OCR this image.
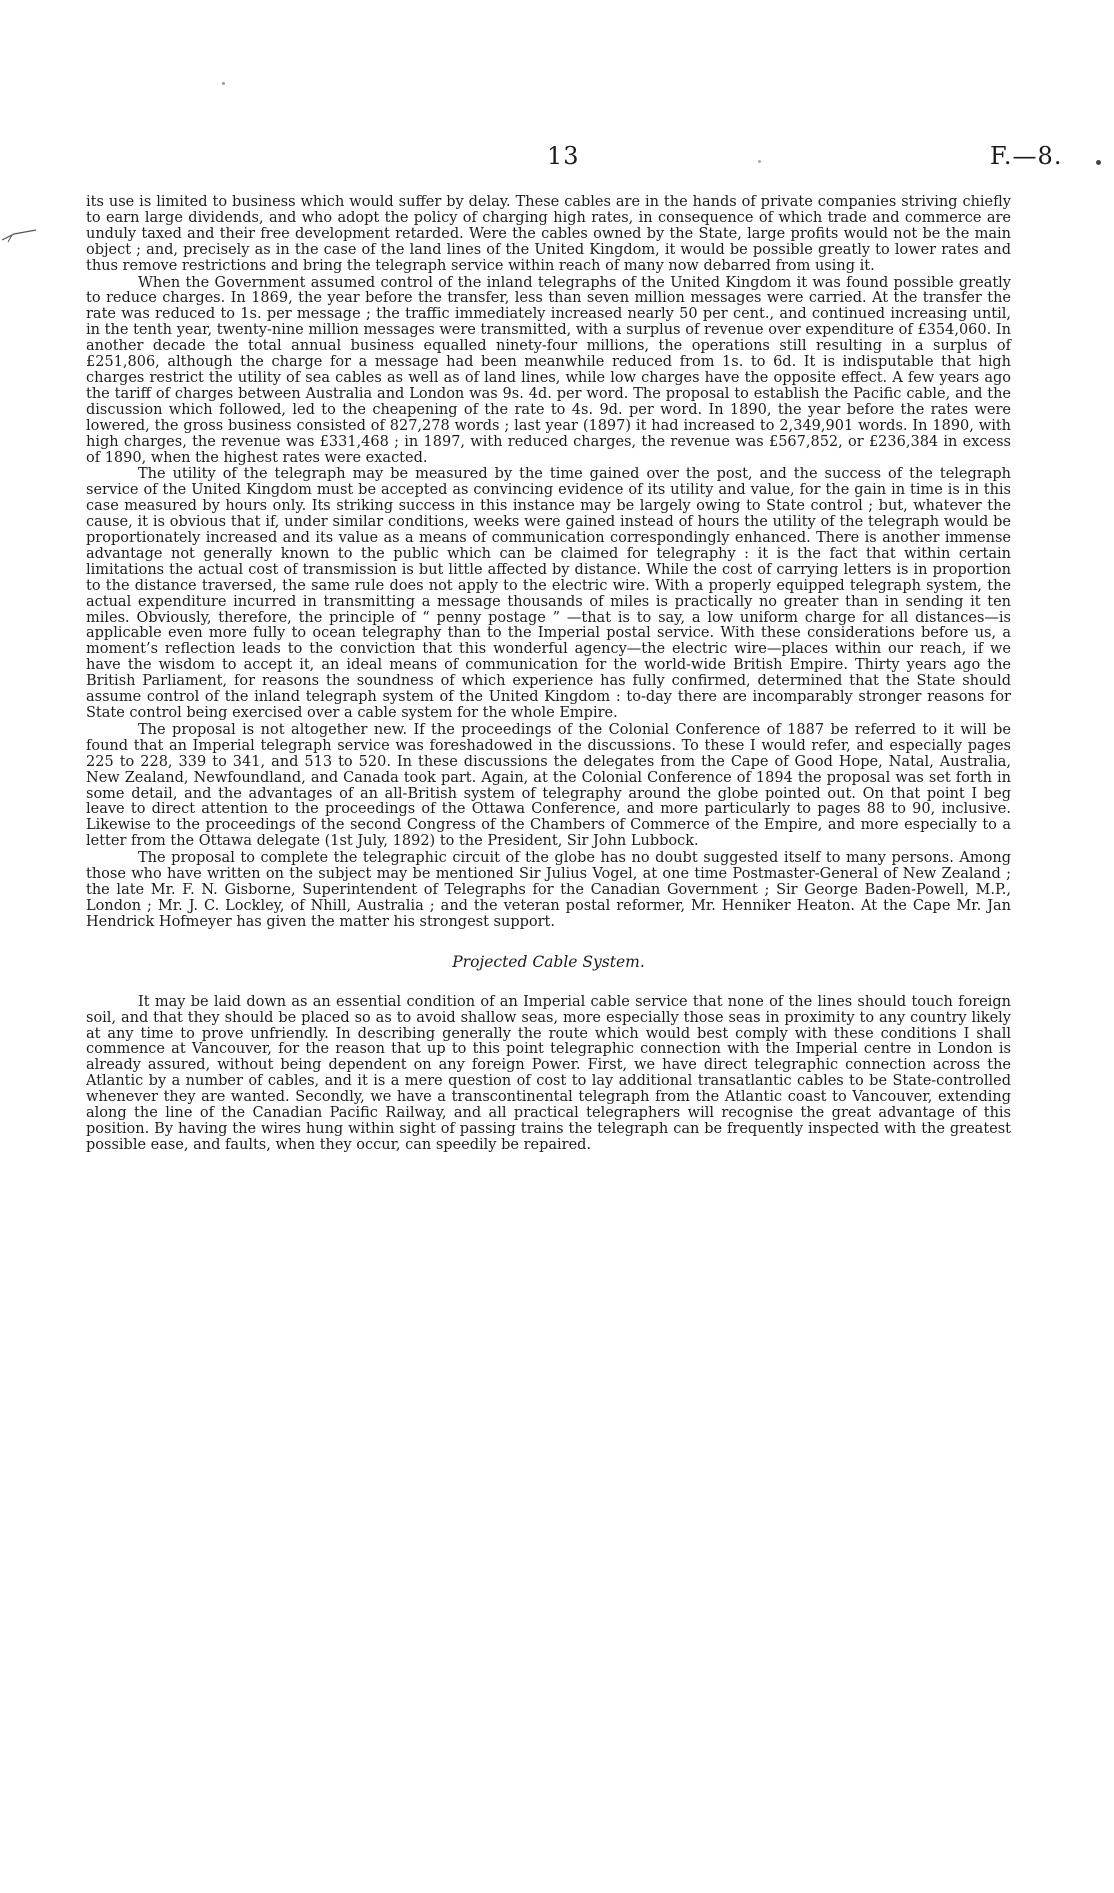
13	F.—8.

its use is limited to business which would suffer by delay. These cables are in the hands of private companies striving chiefly to earn large dividends, and who adopt the policy of charging high rates, in consequence of which trade and commerce are unduly taxed and their free development retarded. Were the cables owned by the State, large profits would not be the main object ; and, precisely as in the case of the land lines of the United Kingdom, it would be possible greatly to lower rates and thus remove restrictions and bring the telegraph service within reach of many now debarred from using it.

When the Government assumed control of the inland telegraphs of the United Kingdom it was found possible greatly to reduce charges. In 1869, the year before the transfer, less than seven million messages were carried. At the transfer the rate was reduced to 1s. per message ; the traffic immediately increased nearly 50 per cent., and continued increasing until, in the tenth year, twenty-nine million messages were transmitted, with a surplus of revenue over expenditure of £354,060. In another decade the total annual business equalled ninety-four millions, the operations still resulting in a surplus of £251,806, although the charge for a message had been meanwhile reduced from 1s. to 6d. It is indisputable that high charges restrict the utility of sea cables as well as of land lines, while low charges have the opposite effect. A few years ago the tariff of charges between Australia and London was 9s. 4d. per word. The proposal to establish the Pacific cable, and the discussion which followed, led to the cheapening of the rate to 4s. 9d. per word. In 1890, the year before the rates were lowered, the gross business consisted of 827,278 words ; last year (1897) it had increased to 2,349,901 words. In 1890, with high charges, the revenue was £331,468 ; in 1897, with reduced charges, the revenue was £567,852, or £236,384 in excess of 1890, when the highest rates were exacted.

The utility of the telegraph may be measured by the time gained over the post, and the success of the telegraph service of the United Kingdom must be accepted as convincing evidence of its utility and value, for the gain in time is in this case measured by hours only. Its striking success in this instance may be largely owing to State control ; but, whatever the cause, it is obvious that if, under similar conditions, weeks were gained instead of hours the utility of the telegraph would be proportionately increased and its value as a means of communication correspondingly enhanced. There is another immense advantage not generally known to the public which can be claimed for telegraphy : it is the fact that within certain limitations the actual cost of transmission is but little affected by distance. While the cost of carrying letters is in proportion to the distance traversed, the same rule does not apply to the electric wire. With a properly equipped telegraph system, the actual expenditure incurred in transmitting a message thousands of miles is practically no greater than in sending it ten miles. Obviously, therefore, the principle of “ penny postage ” —that is to say, a low uniform charge for all distances—is applicable even more fully to ocean telegraphy than to the Imperial postal service. With these considerations before us, a moment’s reflection leads to the conviction that this wonderful agency—the electric wire—places within our reach, if we have the wisdom to accept it, an ideal means of communication for the world-wide British Empire. Thirty years ago the British Parliament, for reasons the soundness of which experience has fully confirmed, determined that the State should assume control of the inland telegraph system of the United Kingdom : to-day there are incomparably stronger reasons for State control being exercised over a cable system for the whole Empire.

The proposal is not altogether new. If the proceedings of the Colonial Conference of 1887 be referred to it will be found that an Imperial telegraph service was foreshadowed in the discussions. To these I would refer, and especially pages 225 to 228, 339 to 341, and 513 to 520. In these discussions the delegates from the Cape of Good Hope, Natal, Australia, New Zealand, Newfoundland, and Canada took part. Again, at the Colonial Conference of 1894 the proposal was set forth in some detail, and the advantages of an all-British system of telegraphy around the globe pointed out. On that point I beg leave to direct attention to the proceedings of the Ottawa Conference, and more particularly to pages 88 to 90, inclusive. Likewise to the proceedings of the second Congress of the Chambers of Commerce of the Empire, and more especially to a letter from the Ottawa delegate (1st July, 1892) to the President, Sir John Lubbock.

The proposal to complete the telegraphic circuit of the globe has no doubt suggested itself to many persons. Among those who have written on the subject may be mentioned Sir Julius Vogel, at one time Postmaster-General of New Zealand ; the late Mr. F. N. Gisborne, Superintendent of Telegraphs for the Canadian Government ; Sir George Baden-Powell, M.P., London ; Mr. J. C. Lockley, of Nhill, Australia ; and the veteran postal reformer, Mr. Henniker Heaton. At the Cape Mr. Jan Hendrick Hofmeyer has given the matter his strongest support.

Projected Cable System.

It may be laid down as an essential condition of an Imperial cable service that none of the lines should touch foreign soil, and that they should be placed so as to avoid shallow seas, more especially those seas in proximity to any country likely at any time to prove unfriendly. In describing generally the route which would best comply with these conditions I shall commence at Vancouver, for the reason that up to this point telegraphic connection with the Imperial centre in London is already assured, without being dependent on any foreign Power. First, we have direct telegraphic connection across the Atlantic by a number of cables, and it is a mere question of cost to lay additional transatlantic cables to be State-controlled whenever they are wanted. Secondly, we have a transcontinental telegraph from the Atlantic coast to Vancouver, extending along the line of the Canadian Pacific Railway, and all practical telegraphers will recognise the great advantage of this position. By having the wires hung within sight of passing trains the telegraph can be frequently inspected with the greatest possible ease, and faults, when they occur, can speedily be repaired.
